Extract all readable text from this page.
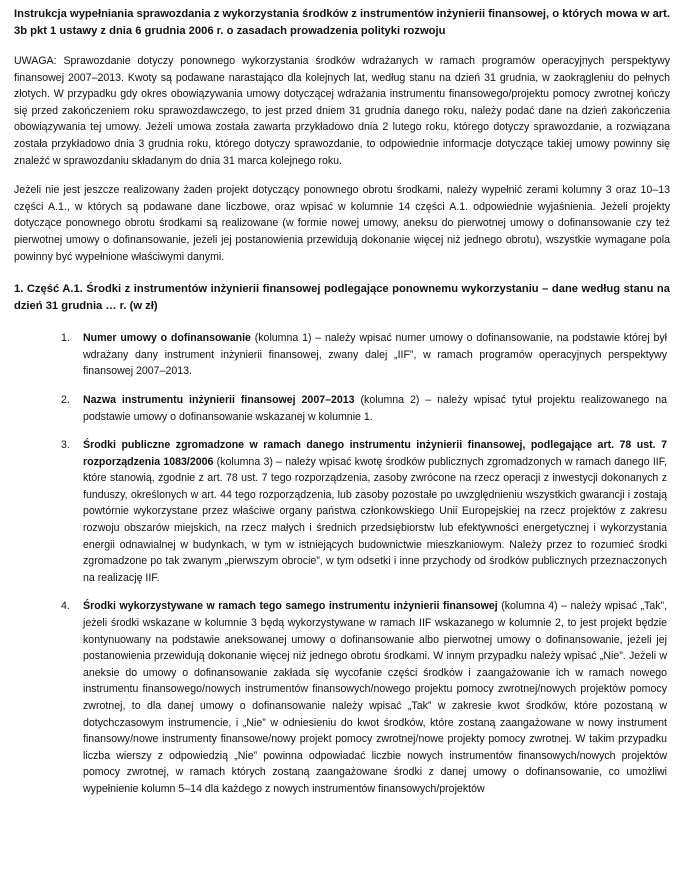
Instrukcja wypełniania sprawozdania z wykorzystania środków z instrumentów inżynierii finansowej, o których mowa w art. 3b pkt 1 ustawy z dnia 6 grudnia 2006 r. o zasadach prowadzenia polityki rozwoju

UWAGA: Sprawozdanie dotyczy ponownego wykorzystania środków wdrażanych w ramach programów operacyjnych perspektywy finansowej 2007–2013. Kwoty są podawane narastająco dla kolejnych lat, według stanu na dzień 31 grudnia, w zaokrągleniu do pełnych złotych. W przypadku gdy okres obowiązywania umowy dotyczącej wdrażania instrumentu finansowego/projektu pomocy zwrotnej kończy się przed zakończeniem roku sprawozdawczego, to jest przed dniem 31 grudnia danego roku, należy podać dane na dzień zakończenia obowiązywania tej umowy. Jeżeli umowa została zawarta przykładowo dnia 2 lutego roku, którego dotyczy sprawozdanie, a rozwiązana została przykładowo dnia 3 grudnia roku, którego dotyczy sprawozdanie, to odpowiednie informacje dotyczące takiej umowy powinny się znaleźć w sprawozdaniu składanym do dnia 31 marca kolejnego roku.

Jeżeli nie jest jeszcze realizowany żaden projekt dotyczący ponownego obrotu środkami, należy wypełnić zerami kolumny 3 oraz 10–13 części A.1., w których są podawane dane liczbowe, oraz wpisać w kolumnie 14 części A.1. odpowiednie wyjaśnienia. Jeżeli projekty dotyczące ponownego obrotu środkami są realizowane (w formie nowej umowy, aneksu do pierwotnej umowy o dofinansowanie czy też pierwotnej umowy o dofinansowanie, jeżeli jej postanowienia przewidują dokonanie więcej niż jednego obrotu), wszystkie wymagane pola powinny być wypełnione właściwymi danymi.

1. Część A.1. Środki z instrumentów inżynierii finansowej podlegające ponownemu wykorzystaniu – dane według stanu na dzień 31 grudnia … r. (w zł)
1. Numer umowy o dofinansowanie (kolumna 1) – należy wpisać numer umowy o dofinansowanie, na podstawie której był wdrażany dany instrument inżynierii finansowej, zwany dalej „IIF”, w ramach programów operacyjnych perspektywy finansowej 2007–2013.
2. Nazwa instrumentu inżynierii finansowej 2007–2013 (kolumna 2) – należy wpisać tytuł projektu realizowanego na podstawie umowy o dofinansowanie wskazanej w kolumnie 1.
3. Środki publiczne zgromadzone w ramach danego instrumentu inżynierii finansowej, podlegające art. 78 ust. 7 rozporządzenia 1083/2006 (kolumna 3) – należy wpisać kwotę środków publicznych zgromadzonych w ramach danego IIF, które stanowią, zgodnie z art. 78 ust. 7 tego rozporządzenia, zasoby zwrócone na rzecz operacji z inwestycji dokonanych z funduszy, określonych w art. 44 tego rozporządzenia, lub zasoby pozostałe po uwzględnieniu wszystkich gwarancji i zostają powtórnie wykorzystane przez właściwe organy państwa członkowskiego Unii Europejskiej na rzecz projektów z zakresu rozwoju obszarów miejskich, na rzecz małych i średnich przedsiębiorstw lub efektywności energetycznej i wykorzystania energii odnawialnej w budynkach, w tym w istniejących budownictwie mieszkaniowym. Należy przez to rozumieć środki zgromadzone po tak zwanym „pierwszym obrocie”, w tym odsetki i inne przychody od środków publicznych przeznaczonych na realizację IIF.
4. Środki wykorzystywane w ramach tego samego instrumentu inżynierii finansowej (kolumna 4) – należy wpisać „Tak”, jeżeli środki wskazane w kolumnie 3 będą wykorzystywane w ramach IIF wskazanego w kolumnie 2, to jest projekt będzie kontynuowany na podstawie aneksowanej umowy o dofinansowanie albo pierwotnej umowy o dofinansowanie, jeżeli jej postanowienia przewidują dokonanie więcej niż jednego obrotu środkami. W innym przypadku należy wpisać „Nie”. Jeżeli w aneksie do umowy o dofinansowanie zakłada się wycofanie części środków i zaangażowanie ich w ramach nowego instrumentu finansowego/nowych instrumentów finansowych/nowego projektu pomocy zwrotnej/nowych projektów pomocy zwrotnej, to dla danej umowy o dofinansowanie należy wpisać „Tak” w zakresie kwot środków, które pozostaną w dotychczasowym instrumencie, i „Nie” w odniesieniu do kwot środków, które zostaną zaangażowane w nowy instrument finansowy/nowe instrumenty finansowe/nowy projekt pomocy zwrotnej/nowe projekty pomocy zwrotnej. W takim przypadku liczba wierszy z odpowiedzią „Nie” powinna odpowiadać liczbie nowych instrumentów finansowych/nowych projektów pomocy zwrotnej, w ramach których zostaną zaangażowane środki z danej umowy o dofinansowanie, co umożliwi wypełnienie kolumn 5–14 dla każdego z nowych instrumentów finansowych/projektów
